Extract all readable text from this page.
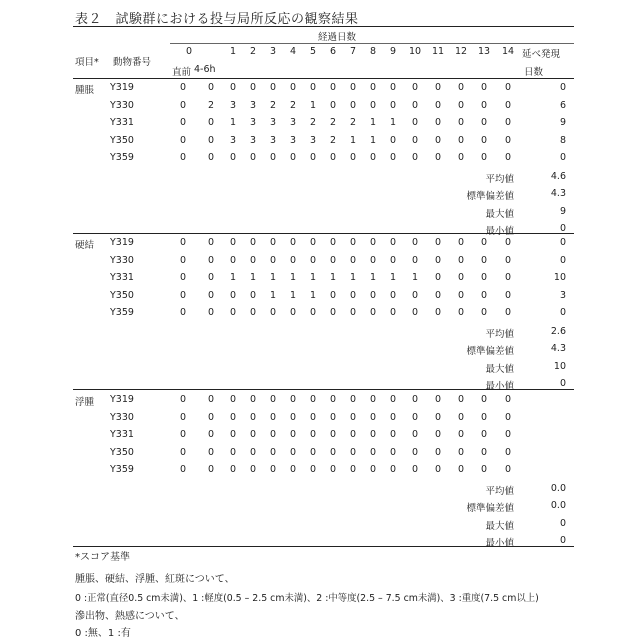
表２　試験群における投与局所反応の観察結果
経過日数
項目* 動物番号
0
直前 4-6h
延べ発現
日数
1	2	3	4	5	6	7	8	9	10 11 12 13 14
腫脹 Y319	0	0	0	0	0	0	0	0	0	0	0	0	0	0	0	0	0
Y330	0	2	3	3	2	2	1	0	0	0	0	0	0	0	0	0	6
Y331	0	0	1	3	3	3	2	2	2	1	1	0	0	0	0	0	9
Y350	0	0	3	3	3	3	3	2	1	1	0	0	0	0	0	0	8
Y359	0	0	0	0	0	0	0	0	0	0	0	0	0	0	0	0	0
平均値	4.6
標準偏差値	4.3
最大値	9
最小値	0
硬結 Y319	0	0	0	0	0	0	0	0	0	0	0	0	0	0	0	0	0
Y330	0	0	0	0	0	0	0	0	0	0	0	0	0	0	0	0	0
Y331	0	0	1	1	1	1	1	1	1	1	1	1	0	0	0	0	10
Y350	0	0	0	0	1	1	1	0	0	0	0	0	0	0	0	0	3
Y359	0	0	0	0	0	0	0	0	0	0	0	0	0	0	0	0	0
平均値	2.6
標準偏差値	4.3
最大値	10
最小値	0
浮腫 Y319	0	0	0	0	0	0	0	0	0	0	0	0	0	0	0	0
Y330	0	0	0	0	0	0	0	0	0	0	0	0	0	0	0	0
Y331	0	0	0	0	0	0	0	0	0	0	0	0	0	0	0	0
Y350	0	0	0	0	0	0	0	0	0	0	0	0	0	0	0	0
Y359	0	0	0	0	0	0	0	0	0	0	0	0	0	0	0	0
平均値	0.0
標準偏差値	0.0
最大値	0
最小値	0
*スコア基準
腫脹、硬結、浮腫、紅斑について、
0 :正常(直径0.5 cm未満)、1 :軽度(0.5 – 2.5 cm未満)、2 :中等度(2.5 – 7.5 cm未満)、3 :重度(7.5 cm以上)
滲出物、熱感について、
0 :無、1 :有
